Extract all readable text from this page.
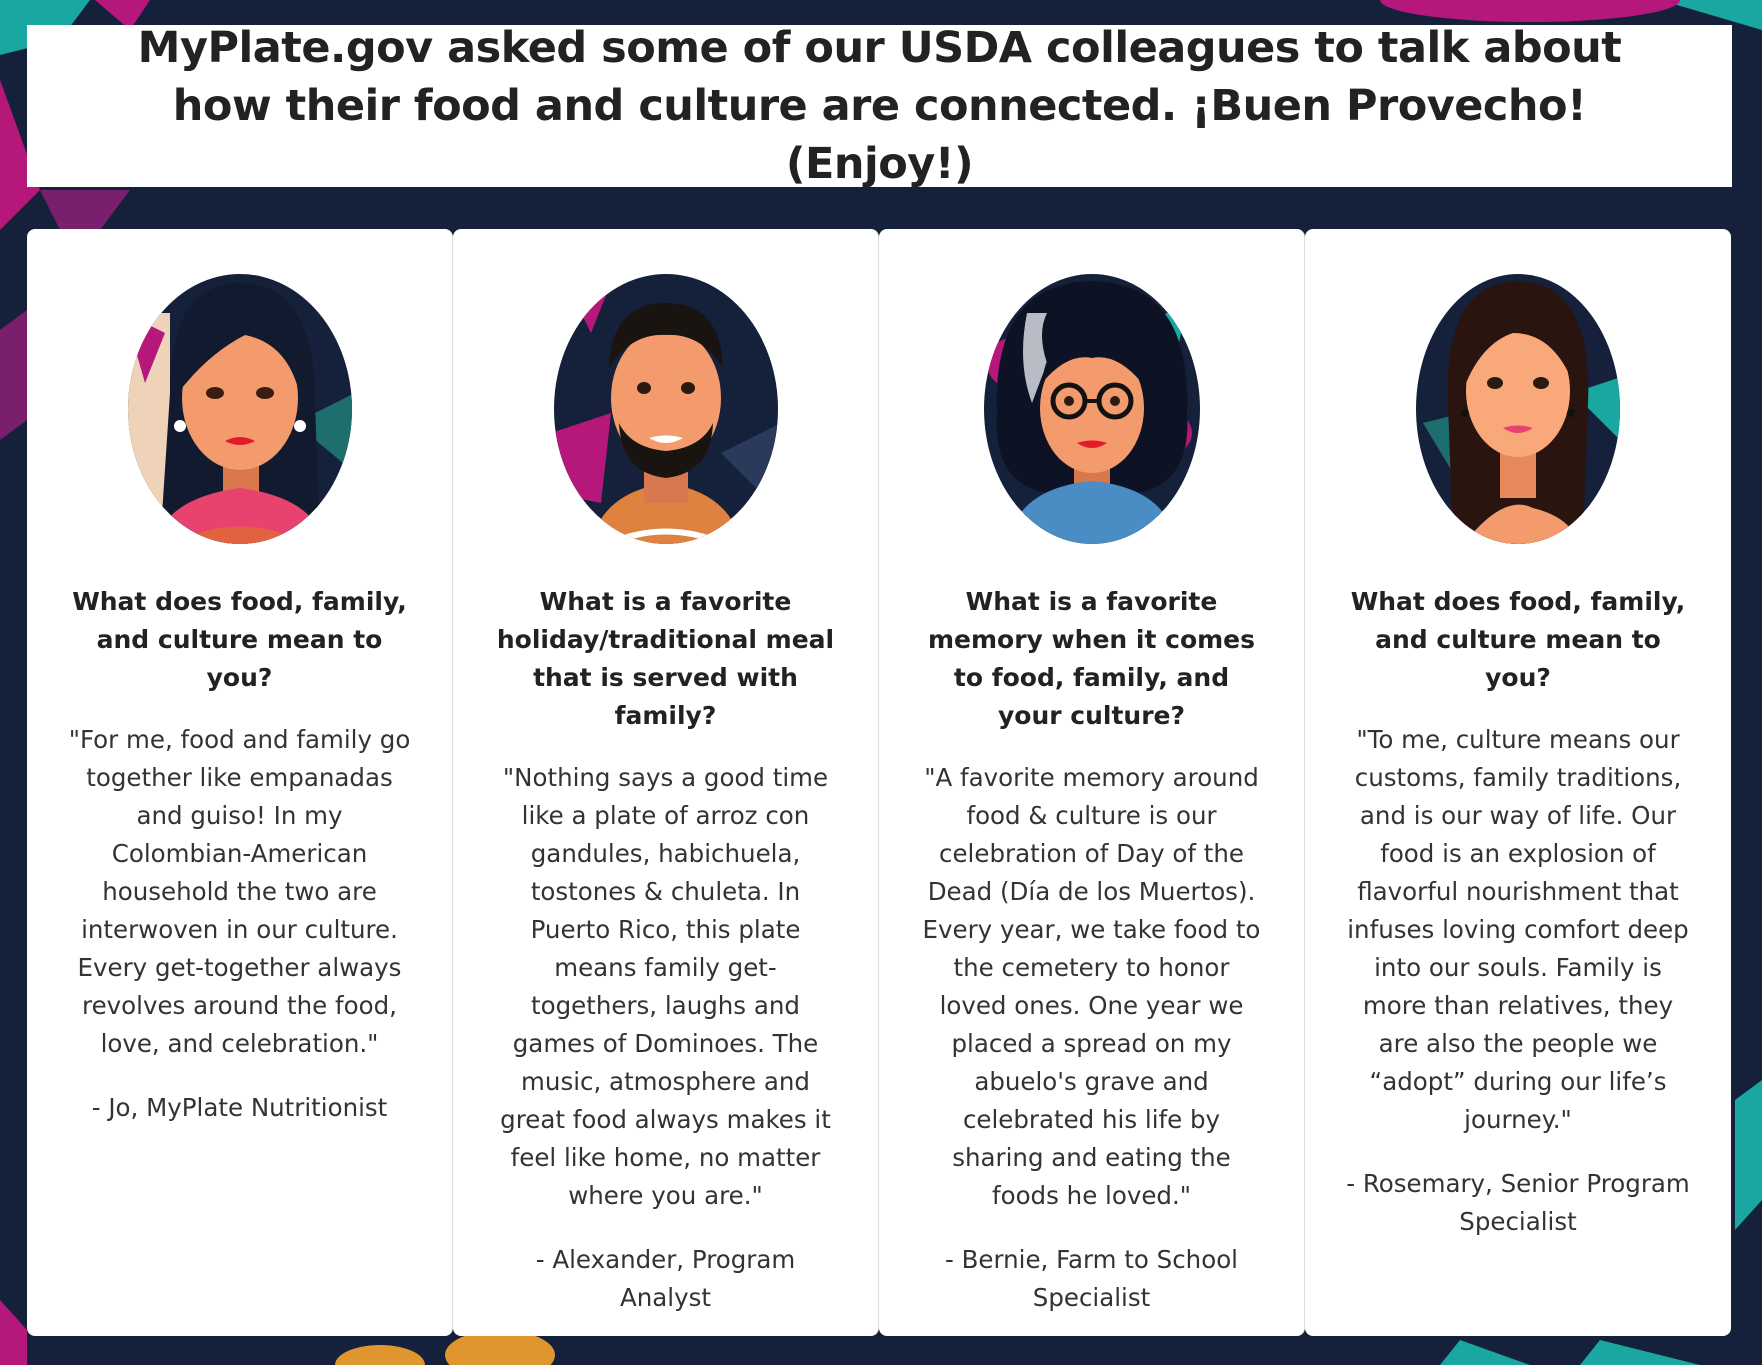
MyPlate.gov asked some of our USDA colleagues to talk about how their food and culture are connected. ¡Buen Provecho! (Enjoy!)

What does food, family, and culture mean to you?

"For me, food and family go together like empanadas and guiso! In my Colombian-American household the two are interwoven in our culture. Every get-together always revolves around the food, love, and celebration."

- Jo, MyPlate Nutritionist

What is a favorite holiday/traditional meal that is served with family?

"Nothing says a good time like a plate of arroz con gandules, habichuela, tostones & chuleta. In Puerto Rico, this plate means family get-togethers, laughs and games of Dominoes. The music, atmosphere and great food always makes it feel like home, no matter where you are."

- Alexander, Program Analyst

What is a favorite memory when it comes to food, family, and your culture?

"A favorite memory around food & culture is our celebration of Day of the Dead (Día de los Muertos). Every year, we take food to the cemetery to honor loved ones. One year we placed a spread on my abuelo's grave and celebrated his life by sharing and eating the foods he loved."

- Bernie, Farm to School Specialist

What does food, family, and culture mean to you?

"To me, culture means our customs, family traditions, and is our way of life. Our food is an explosion of flavorful nourishment that infuses loving comfort deep into our souls. Family is more than relatives, they are also the people we “adopt” during our life’s journey."

- Rosemary, Senior Program Specialist
